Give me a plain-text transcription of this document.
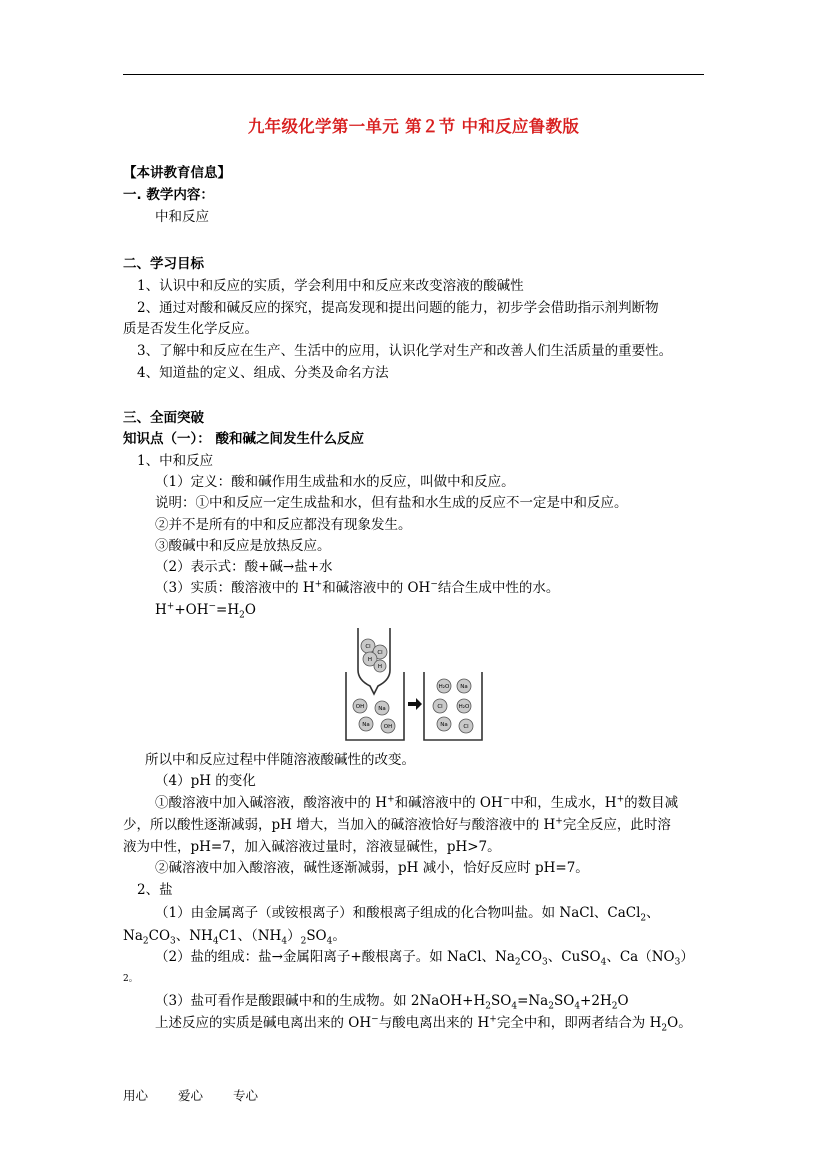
九年级化学第一单元 第２节 中和反应鲁教版
【本讲教育信息】
一. 教学内容：
中和反应
二、学习目标
1、认识中和反应的实质，学会利用中和反应来改变溶液的酸碱性
2、通过对酸和碱反应的探究，提高发现和提出问题的能力，初步学会借助指示剂判断物
质是否发生化学反应。
3、了解中和反应在生产、生活中的应用，认识化学对生产和改善人们生活质量的重要性。
4、知道盐的定义、组成、分类及命名方法
三、全面突破
知识点（一）： 酸和碱之间发生什么反应
1、中和反应
（1）定义：酸和碱作用生成盐和水的反应，叫做中和反应。
说明：①中和反应一定生成盐和水，但有盐和水生成的反应不一定是中和反应。
②并不是所有的中和反应都没有现象发生。
③酸碱中和反应是放热反应。
（2）表示式：酸+碱→盐+水
（3）实质：酸溶液中的 H+和碱溶液中的 OH−结合生成中性的水。
$H^++OH^-=H_2O$
Cl
Cl
H
H
OH	Na
Na	OH
H₂O Na
Cl	H₂O
Na	Cl
所以中和反应过程中伴随溶液酸碱性的改变。
（4）pH 的变化
①酸溶液中加入碱溶液，酸溶液中的 H+和碱溶液中的 OH−中和，生成水，H+的数目减
少，所以酸性逐渐减弱，pH 增大，当加入的碱溶液恰好与酸溶液中的 H+完全反应，此时溶
液为中性，pH=7，加入碱溶液过量时，溶液显碱性，pH>7。
②碱溶液中加入酸溶液，碱性逐渐减弱，pH 减小，恰好反应时 pH=7。
2、盐
（1）由金属离子（或铵根离子）和酸根离子组成的化合物叫盐。如 NaCl、CaCl$_2$、
$Na_2CO_3$、$NH_4C1$、$(NH_4)_2SO_4$。
（2）盐的组成：盐→金属阳离子+酸根离子。如 NaCl、$Na_2CO_3$、CuSO$_4$、$Ca(NO_3)$
2。
（3）盐可看作是酸跟碱中和的生成物。如 $2NaOH+H_2SO_4=Na_2SO_4+2H_2O$
上述反应的实质是碱电离出来的 OH−与酸电离出来的 H+完全中和，即两者结合为 $H_2O$。
用心 爱心 专心
